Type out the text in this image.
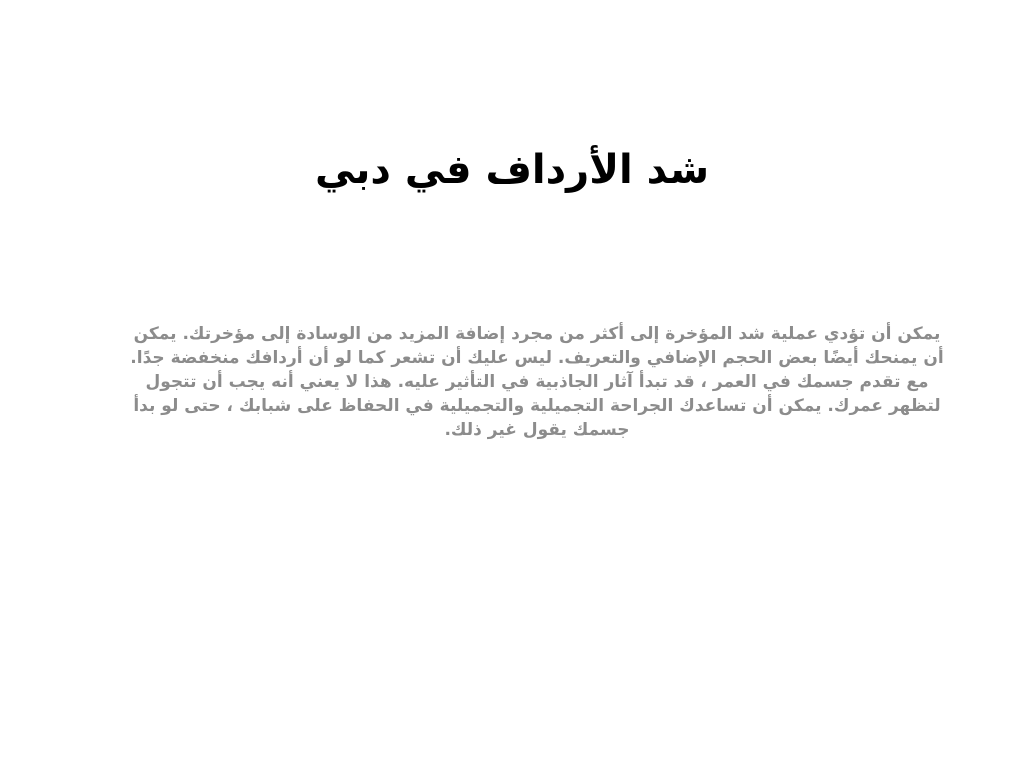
شد الأرداف في دبي
يمكن أن تؤدي عملية شد المؤخرة إلى أكثر من مجرد إضافة المزيد من الوسادة إلى مؤخرتك. يمكن أن يمنحك أيضًا بعض الحجم الإضافي والتعريف. ليس عليك أن تشعر كما لو أن أردافك منخفضة جدًا. مع تقدم جسمك في العمر ، قد تبدأ آثار الجاذبية في التأثير عليه. هذا لا يعني أنه يجب أن تتجول لتظهر عمرك. يمكن أن تساعدك الجراحة التجميلية والتجميلية في الحفاظ على شبابك ، حتى لو بدأ جسمك يقول غير ذلك.
